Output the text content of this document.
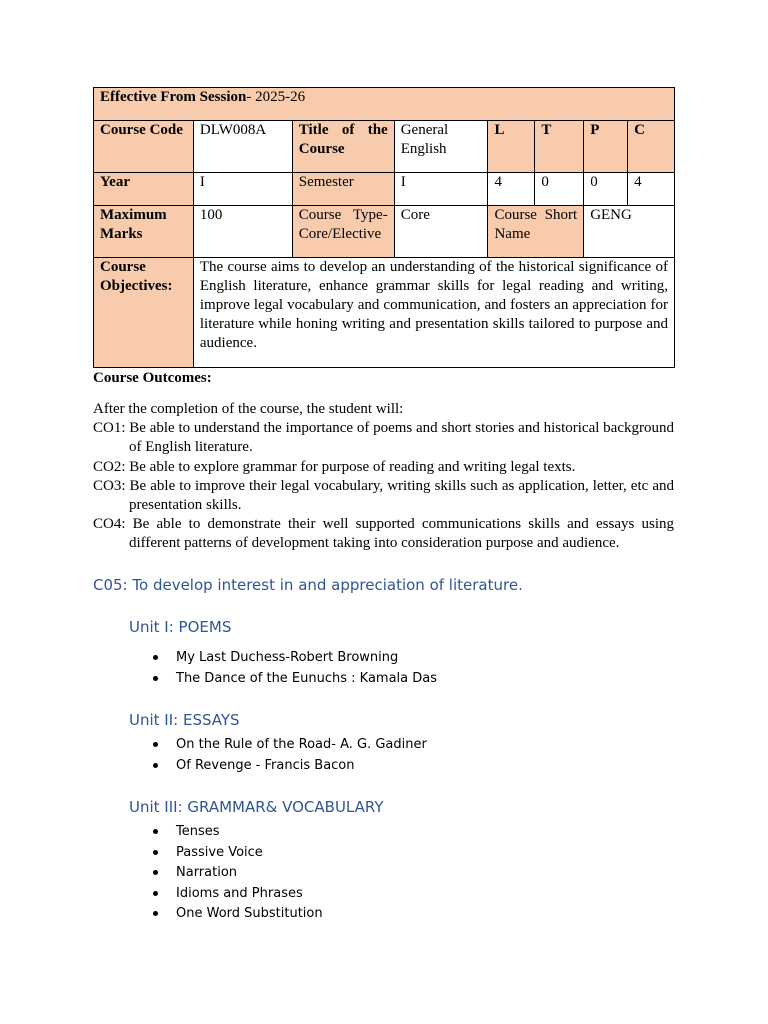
Effective From Session- 2025-26							
Course Code	DLW008A	Title of the Course	General English	L	T	P	C
Year	I	Semester	I	4	0	0	4
Maximum Marks	100	Course Type-Core/Elective	Core	Course Short Name		GENG	
Course Objectives:	The course aims to develop an understanding of the historical significance of English literature, enhance grammar skills for legal reading and writing, improve legal vocabulary and communication, and fosters an appreciation for literature while honing writing and presentation skills tailored to purpose and audience.						
Course Outcomes:

After the completion of the course, the student will:

CO1: Be able to understand the importance of poems and short stories and historical background of English literature.

CO2: Be able to explore grammar for purpose of reading and writing legal texts.

CO3: Be able to improve their legal vocabulary, writing skills such as application, letter, etc and presentation skills.

CO4: Be able to demonstrate their well supported communications skills and essays using different patterns of development taking into consideration purpose and audience.

C05: To develop interest in and appreciation of literature.
Unit I: POEMS
My Last Duchess-Robert Browning
The Dance of the Eunuchs : Kamala Das
Unit II: ESSAYS
On the Rule of the Road- A. G. Gadiner
Of Revenge - Francis Bacon
Unit III: GRAMMAR& VOCABULARY
Tenses
Passive Voice
Narration
Idioms and Phrases
One Word Substitution
